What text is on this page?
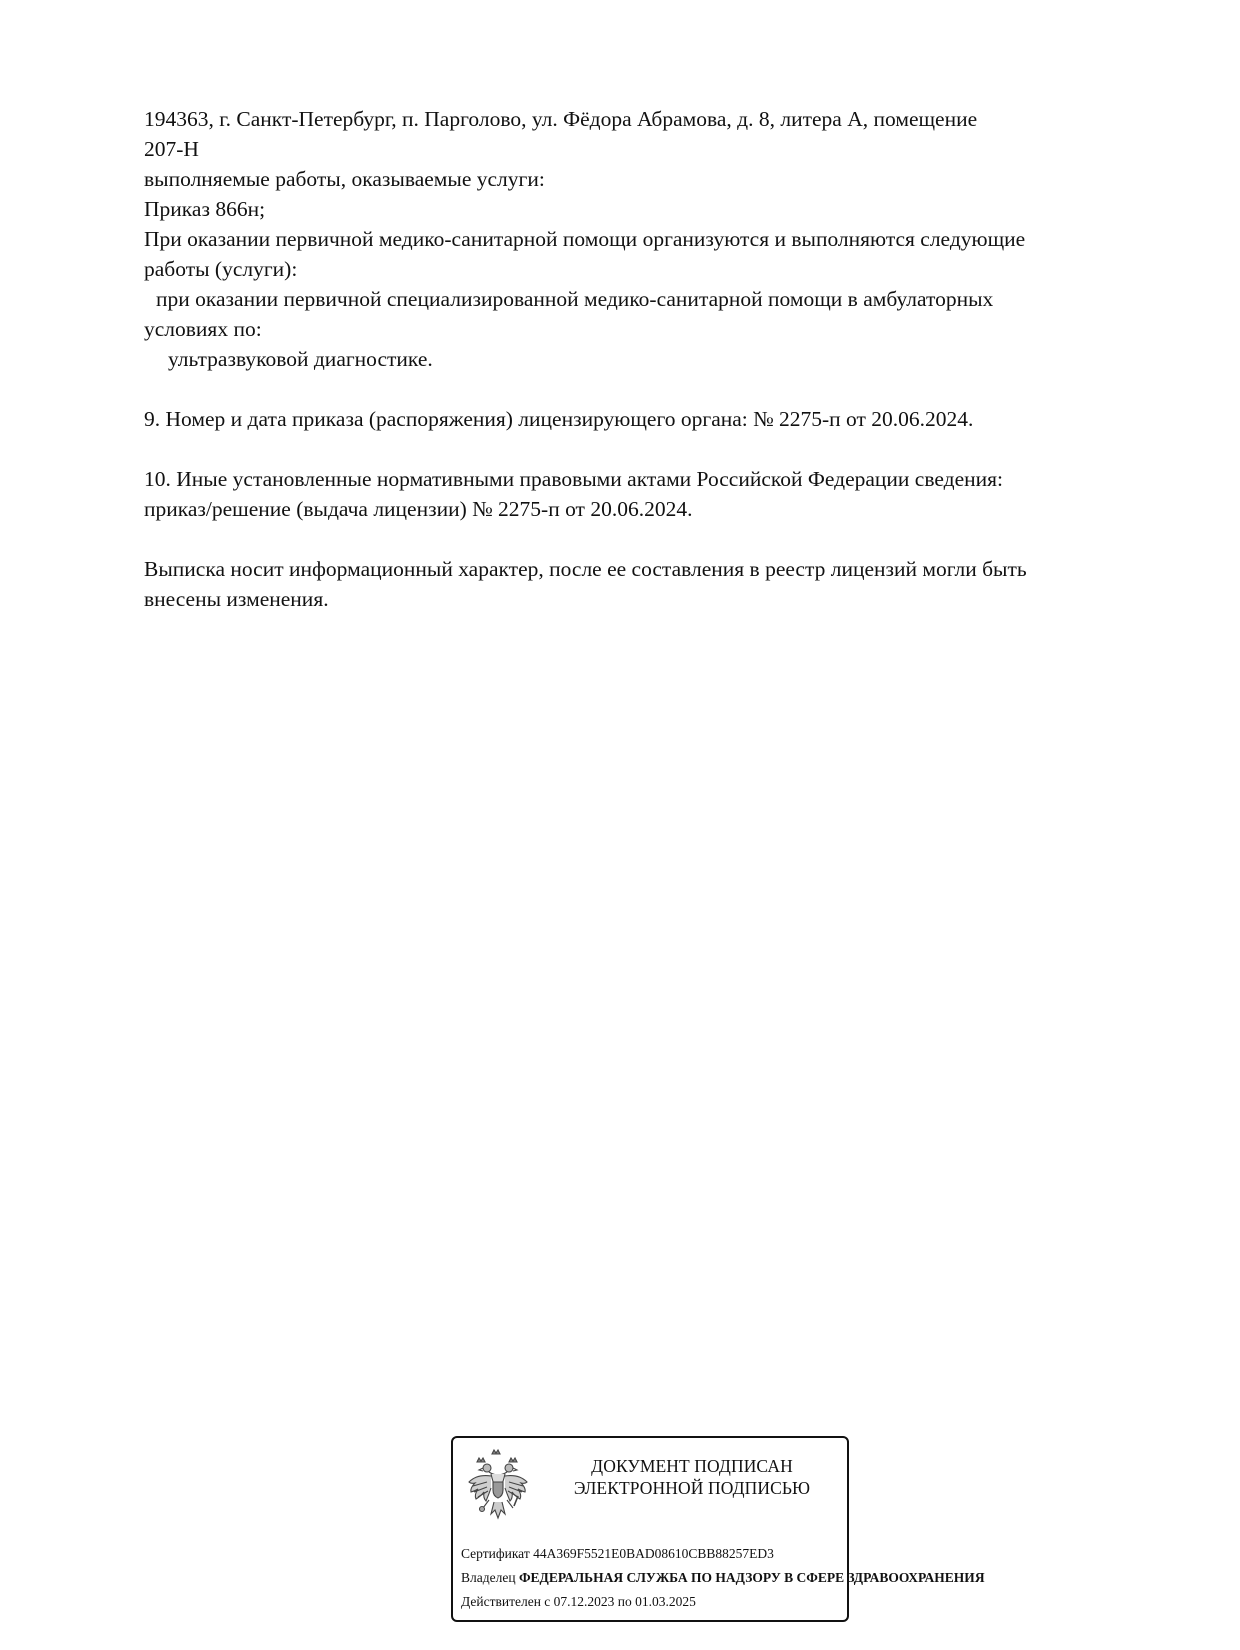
194363, г. Санкт-Петербург, п. Парголово, ул. Фёдора Абрамова, д. 8, литера А, помещение
207-Н
выполняемые работы, оказываемые услуги:
Приказ 866н;
При оказании первичной медико-санитарной помощи организуются и выполняются следующие
работы (услуги):
при оказании первичной специализированной медико-санитарной помощи в амбулаторных
условиях по:
ультразвуковой диагностике.
9. Номер и дата приказа (распоряжения) лицензирующего органа: № 2275-п от 20.06.2024.
10. Иные установленные нормативными правовыми актами Российской Федерации сведения:
приказ/решение (выдача лицензии) № 2275-п от 20.06.2024.
Выписка носит информационный характер, после ее составления в реестр лицензий могли быть
внесены изменения.
ДОКУМЕНТ ПОДПИСАН
ЭЛЕКТРОННОЙ ПОДПИСЬЮ
Сертификат 44A369F5521E0BAD08610CBB88257ED3
Владелец ФЕДЕРАЛЬНАЯ СЛУЖБА ПО НАДЗОРУ В СФЕРЕ ЗДРАВООХРАНЕНИЯ
Действителен с 07.12.2023 по 01.03.2025
